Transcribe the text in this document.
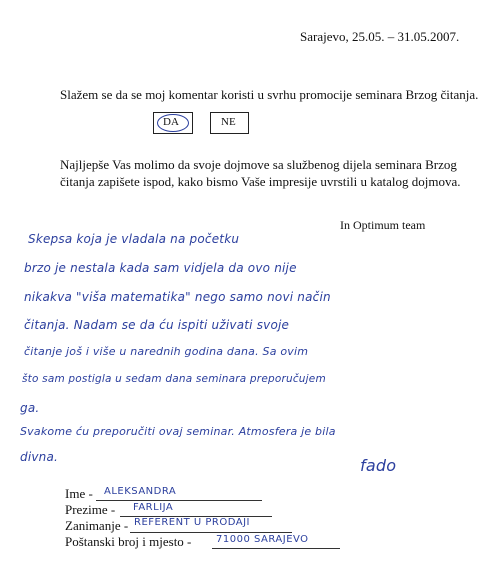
Sarajevo, 25.05. – 31.05.2007.
Slažem se da se moj komentar koristi u svrhu promocije seminara Brzog čitanja.
DA	NE
Najljepše Vas molimo da svoje dojmove sa službenog dijela seminara Brzog
čitanja zapišete ispod, kako bismo Vaše impresije uvrstili u katalog dojmova.
In Optimum team
Skepsa koja je vladala na početku
brzo je nestala kada sam vidjela da ovo nije
nikakva "viša matematika" nego samo novi način
čitanja. Nadam se da ću ispiti uživati svoje
čitanje još i više u narednih godina dana. Sa ovim
što sam postigla u sedam dana seminara preporučujem
ga.
Svakome ću preporučiti ovaj seminar. Atmosfera je bila
divna.	fado
Ime - ALEKSANDRA
Prezime - FARLIJA
Zanimanje - REFERENT U PRODAJI
Poštanski broj i mjesto - 71000 SARAJEVO
